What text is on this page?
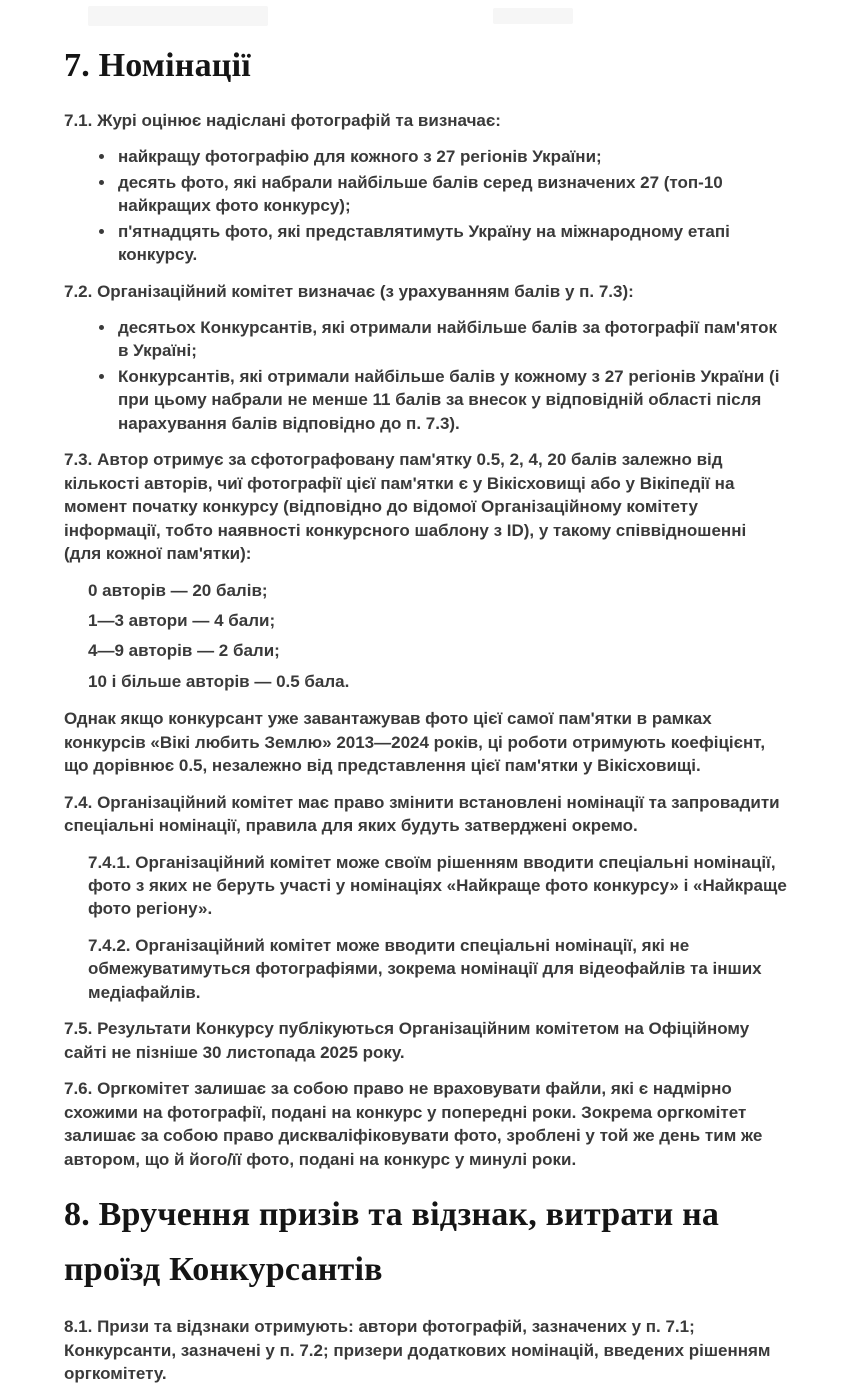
7. Номінації

7.1. Журі оцінює надіслані фотографій та визначає:

• найкращу фотографію для кожного з 27 регіонів України;
• десять фото, які набрали найбільше балів серед визначених 27 (топ-10 найкращих фото конкурсу);
• п'ятнадцять фото, які представлятимуть Україну на міжнародному етапі конкурсу.

7.2. Організаційний комітет визначає (з урахуванням балів у п. 7.3):

• десятьох Конкурсантів, які отримали найбільше балів за фотографії пам'яток в Україні;
• Конкурсантів, які отримали найбільше балів у кожному з 27 регіонів України (і при цьому набрали не менше 11 балів за внесок у відповідній області після нарахування балів відповідно до п. 7.3).

7.3. Автор отримує за сфотографовану пам'ятку 0.5, 2, 4, 20 балів залежно від кількості авторів, чиї фотографії цієї пам'ятки є у Вікісховищі або у Вікіпедії на момент початку конкурсу (відповідно до відомої Організаційному комітету інформації, тобто наявності конкурсного шаблону з ID), у такому співвідношенні (для кожної пам'ятки):

0 авторів — 20 балів;

1—3 автори — 4 бали;

4—9 авторів — 2 бали;

10 і більше авторів — 0.5 бала.

Однак якщо конкурсант уже завантажував фото цієї самої пам'ятки в рамках конкурсів «Вікі любить Землю» 2013—2024 років, ці роботи отримують коефіцієнт, що дорівнює 0.5, незалежно від представлення цієї пам'ятки у Вікісховищі.

7.4. Організаційний комітет має право змінити встановлені номінації та запровадити спеціальні номінації, правила для яких будуть затверджені окремо.

7.4.1. Організаційний комітет може своїм рішенням вводити спеціальні номінації, фото з яких не беруть участі у номінаціях «Найкраще фото конкурсу» і «Найкраще фото регіону».

7.4.2. Організаційний комітет може вводити спеціальні номінації, які не обмежуватимуться фотографіями, зокрема номінації для відеофайлів та інших медіафайлів.

7.5. Результати Конкурсу публікуються Організаційним комітетом на Офіційному сайті не пізніше 30 листопада 2025 року.

7.6. Оргкомітет залишає за собою право не враховувати файли, які є надмірно схожими на фотографії, подані на конкурс у попередні роки. Зокрема оргкомітет залишає за собою право дискваліфіковувати фото, зроблені у той же день тим же автором, що й його/її фото, подані на конкурс у минулі роки.

8. Вручення призів та відзнак, витрати на проїзд Конкурсантів

8.1. Призи та відзнаки отримують: автори фотографій, зазначених у п. 7.1; Конкурсанти, зазначені у п. 7.2; призери додаткових номінацій, введених рішенням оргкомітету.
